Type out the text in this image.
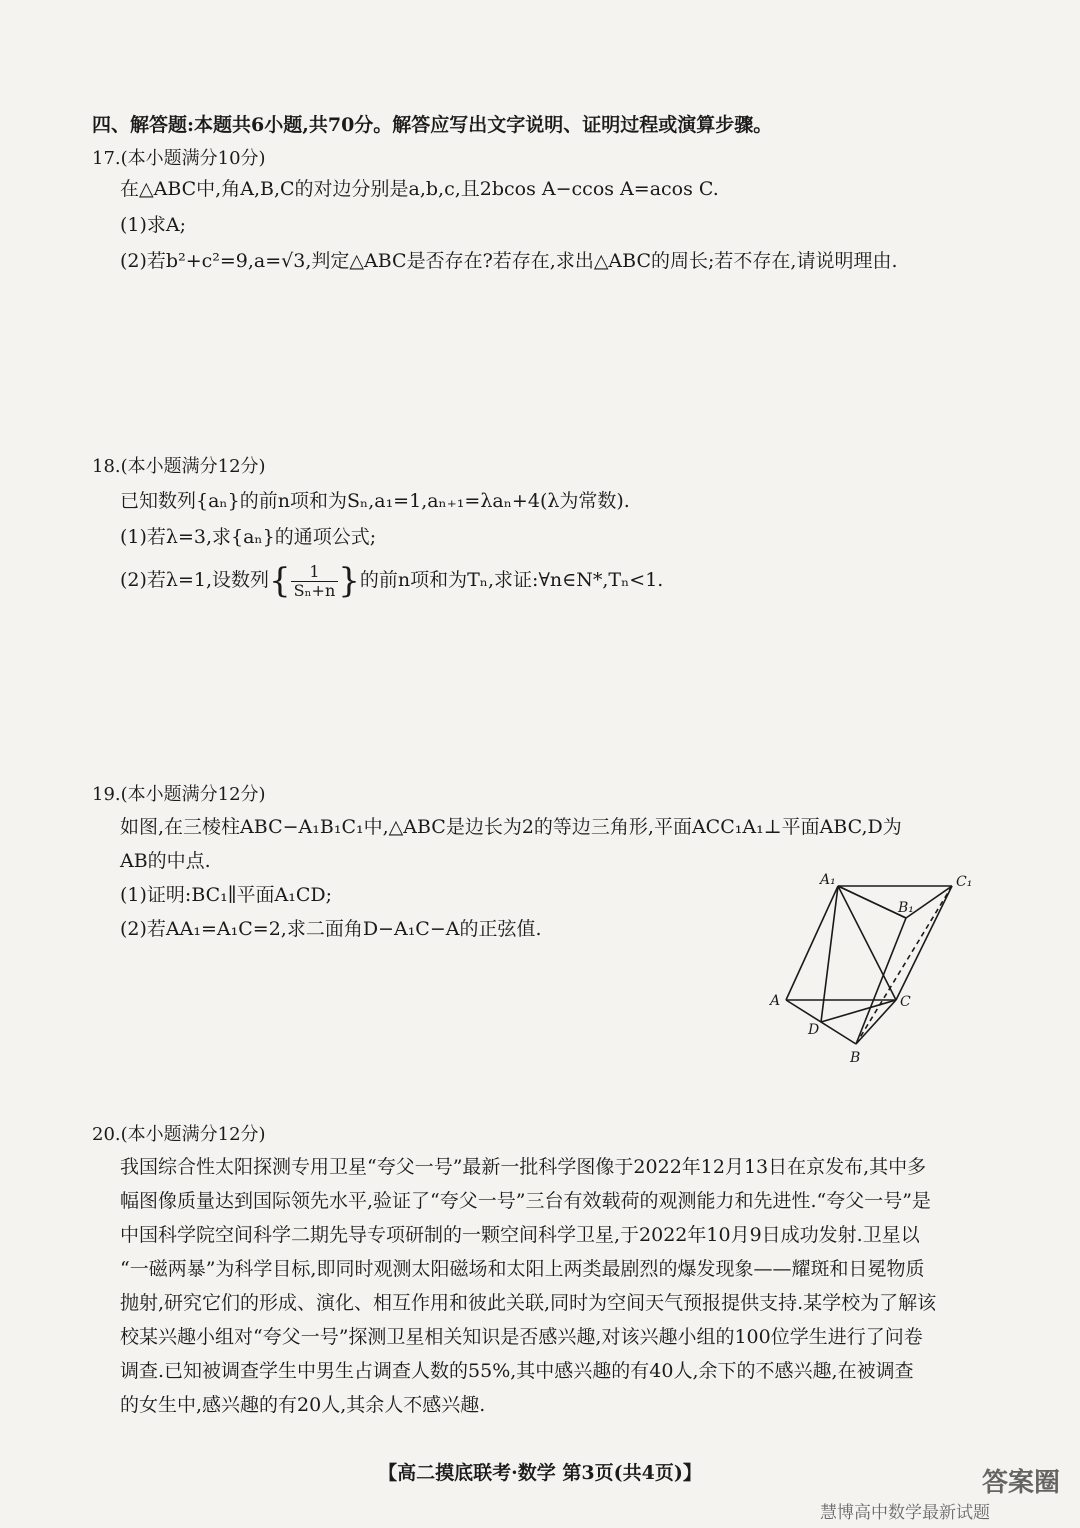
四、解答题:本题共6小题,共70分。解答应写出文字说明、证明过程或演算步骤。
17.(本小题满分10分)
在△ABC中,角A,B,C的对边分别是a,b,c,且2bcos A−ccos A=acos C.
(1)求A;
(2)若b²+c²=9,a=√3,判定△ABC是否存在?若存在,求出△ABC的周长;若不存在,请说明理由.
18.(本小题满分12分)
已知数列{aₙ}的前n项和为Sₙ,a₁=1,aₙ₊₁=λaₙ+4(λ为常数).
(1)若λ=3,求{aₙ}的通项公式;
(2)若λ=1,设数列{ $\frac{1}{\text{Sₙ+n}}$ }的前n项和为Tₙ,求证:∀n∈N*,Tₙ<1.
19.(本小题满分12分)
如图,在三棱柱ABC−A₁B₁C₁中,△ABC是边长为2的等边三角形,平面ACC₁A₁⊥平面ABC,D为
AB的中点.
(1)证明:BC₁∥平面A₁CD;
(2)若AA₁=A₁C=2,求二面角D−A₁C−A的正弦值.
A₁	C₁
B₁
A	C
D
B
20.(本小题满分12分)
我国综合性太阳探测专用卫星“夸父一号”最新一批科学图像于2022年12月13日在京发布,其中多
幅图像质量达到国际领先水平,验证了“夸父一号”三台有效载荷的观测能力和先进性.“夸父一号”是
中国科学院空间科学二期先导专项研制的一颗空间科学卫星,于2022年10月9日成功发射.卫星以
“一磁两暴”为科学目标,即同时观测太阳磁场和太阳上两类最剧烈的爆发现象——耀斑和日冕物质
抛射,研究它们的形成、演化、相互作用和彼此关联,同时为空间天气预报提供支持.某学校为了解该
校某兴趣小组对“夸父一号”探测卫星相关知识是否感兴趣,对该兴趣小组的100位学生进行了问卷
调查.已知被调查学生中男生占调查人数的55%,其中感兴趣的有40人,余下的不感兴趣,在被调查
的女生中,感兴趣的有20人,其余人不感兴趣.
【高二摸底联考·数学 第3页(共4页)】	答案圈
慧博高中数学最新试题
